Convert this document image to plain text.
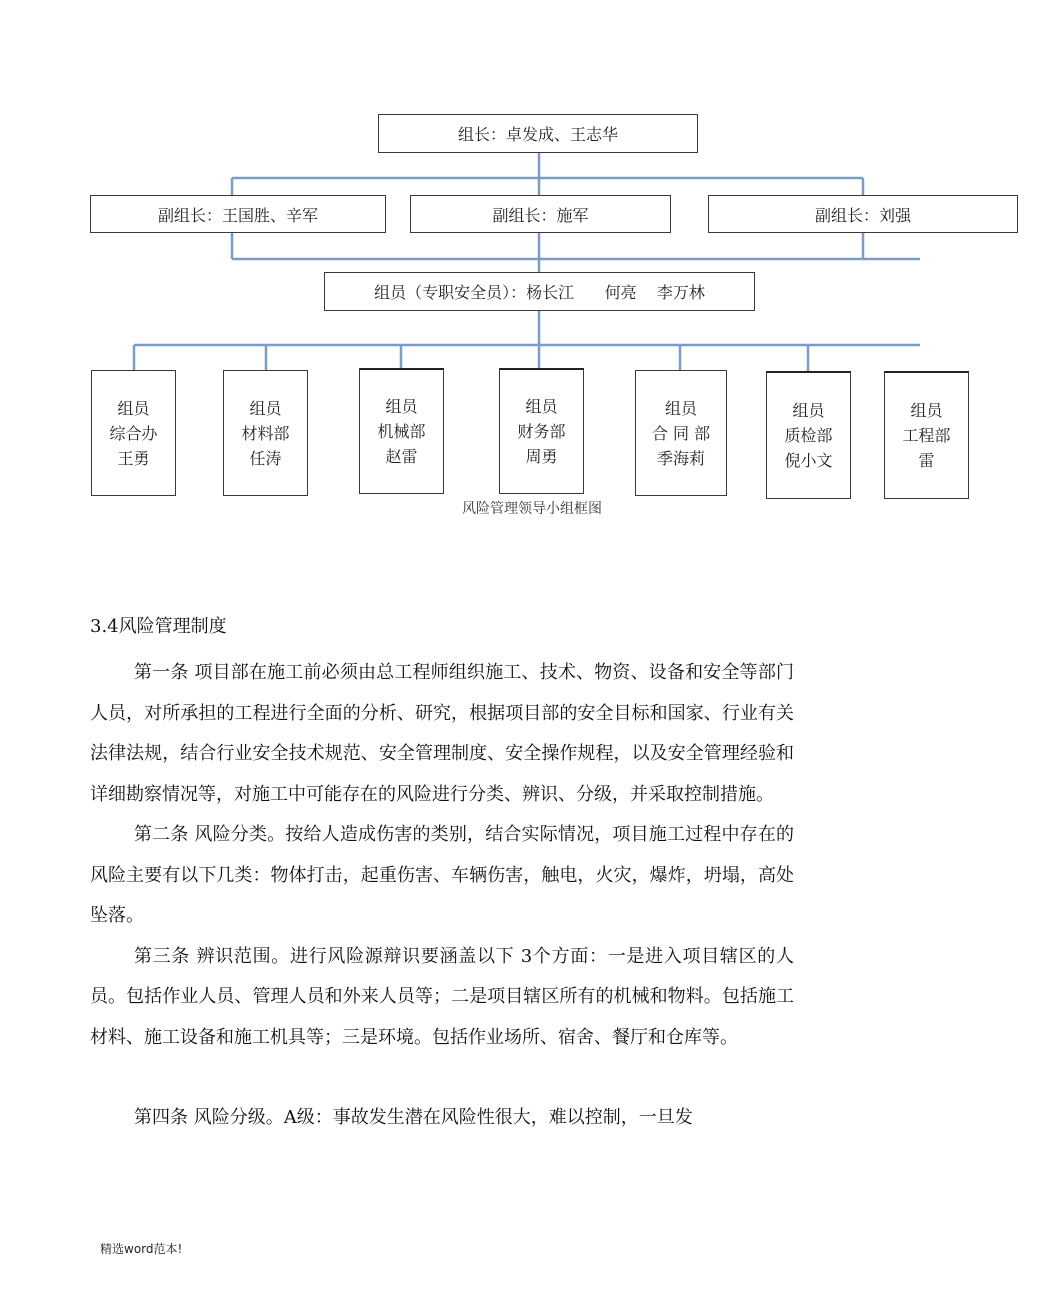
组长：卓发成、王志华
副组长：王国胜、辛军	副组长：施军	副组长：刘强
组员（专职安全员）：杨长江      何亮    李万林
组员
综合办
王勇
组员
材料部
任涛
组员
机械部
赵雷
组员
财务部
周勇
组员
合 同 部
季海莉
组员
质检部
倪小文
组员
工程部
雷
风险管理领导小组框图
3.4风险管理制度

第一条 项目部在施工前必须由总工程师组织施工、技术、物资、设备和安全等部门人员，对所承担的工程进行全面的分析、研究，根据项目部的安全目标和国家、行业有关法律法规，结合行业安全技术规范、安全管理制度、安全操作规程，以及安全管理经验和详细勘察情况等，对施工中可能存在的风险进行分类、辨识、分级，并采取控制措施。

第二条 风险分类。按给人造成伤害的类别，结合实际情况，项目施工过程中存在的风险主要有以下几类：物体打击，起重伤害、车辆伤害，触电，火灾，爆炸，坍塌，高处坠落。

第三条 辨识范围。进行风险源辩识要涵盖以下 3个方面：一是进入项目辖区的人员。包括作业人员、管理人员和外来人员等；二是项目辖区所有的机械和物料。包括施工材料、施工设备和施工机具等；三是环境。包括作业场所、宿舍、餐厅和仓库等。

第四条 风险分级。A级：事故发生潜在风险性很大，难以控制，一旦发

精选word范本!
